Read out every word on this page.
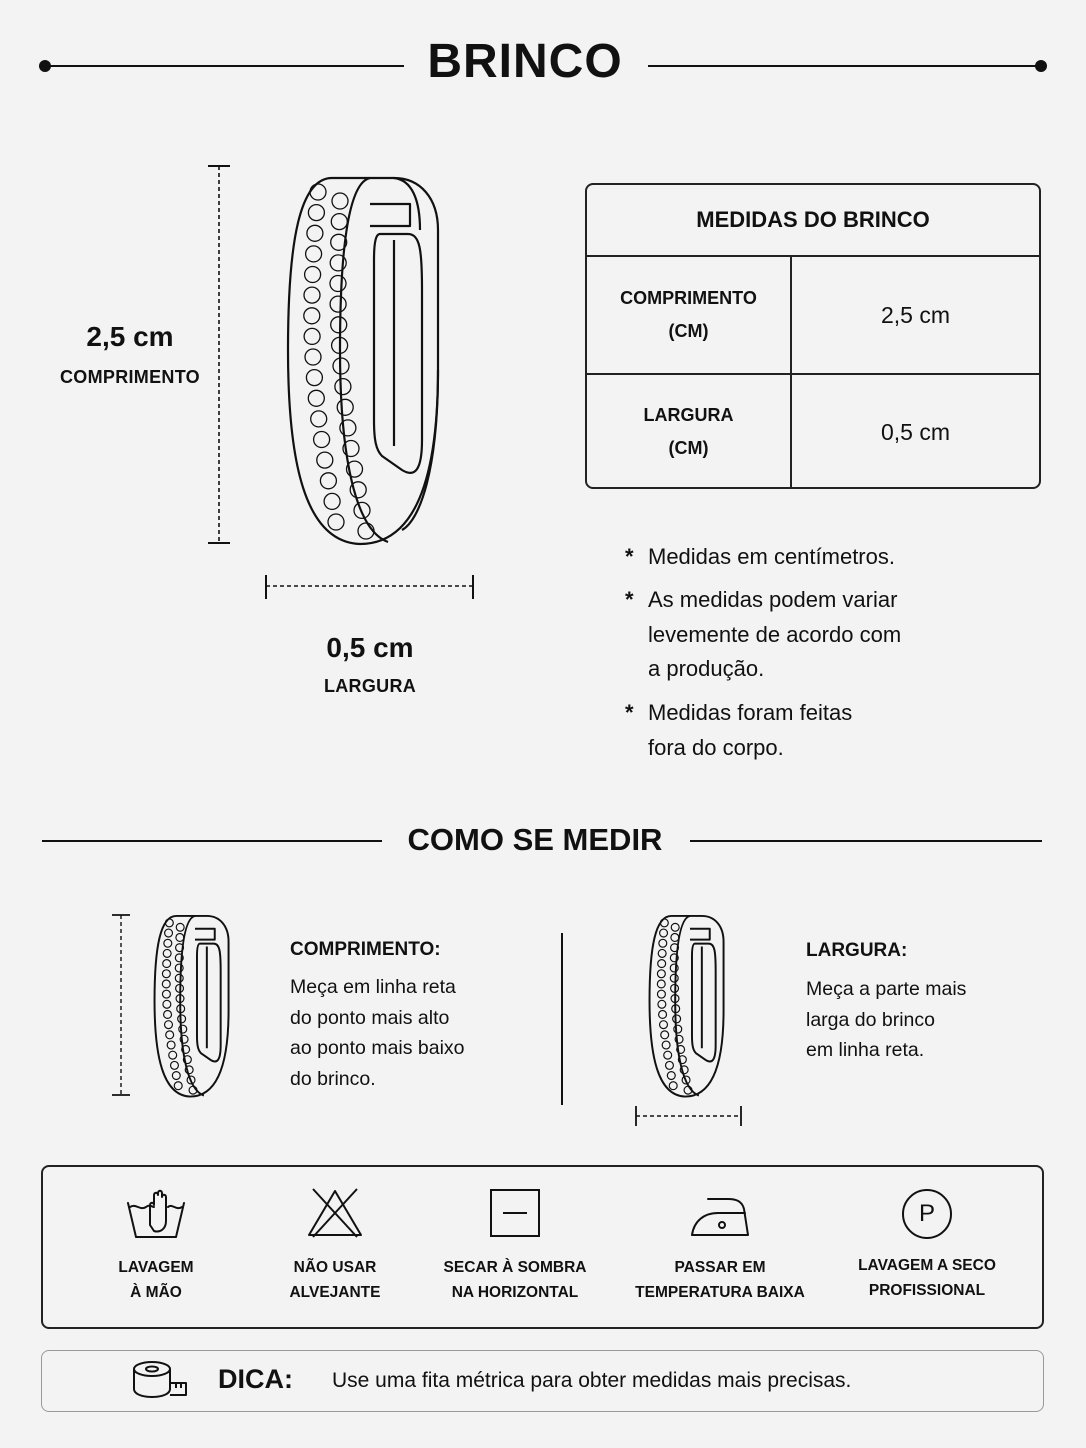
BRINCO
2,5 cm
COMPRIMENTO
0,5 cm
LARGURA
MEDIDAS DO BRINCO
COMPRIMENTO
(CM)
2,5 cm
LARGURA
(CM)
0,5 cm
* Medidas em centímetros.
* As medidas podem variar
levemente de acordo com
a produção.
* Medidas foram feitas
fora do corpo.
COMO SE MEDIR
COMPRIMENTO:
Meça em linha reta
do ponto mais alto
ao ponto mais baixo
do brinco.
LARGURA:
Meça a parte mais
larga do brinco
em linha reta.
LAVAGEM
À MÃO
NÃO USAR
ALVEJANTE
SECAR À SOMBRA
NA HORIZONTAL
PASSAR EM
TEMPERATURA BAIXA
P
LAVAGEM A SECO
PROFISSIONAL
DICA: Use uma fita métrica para obter medidas mais precisas.
